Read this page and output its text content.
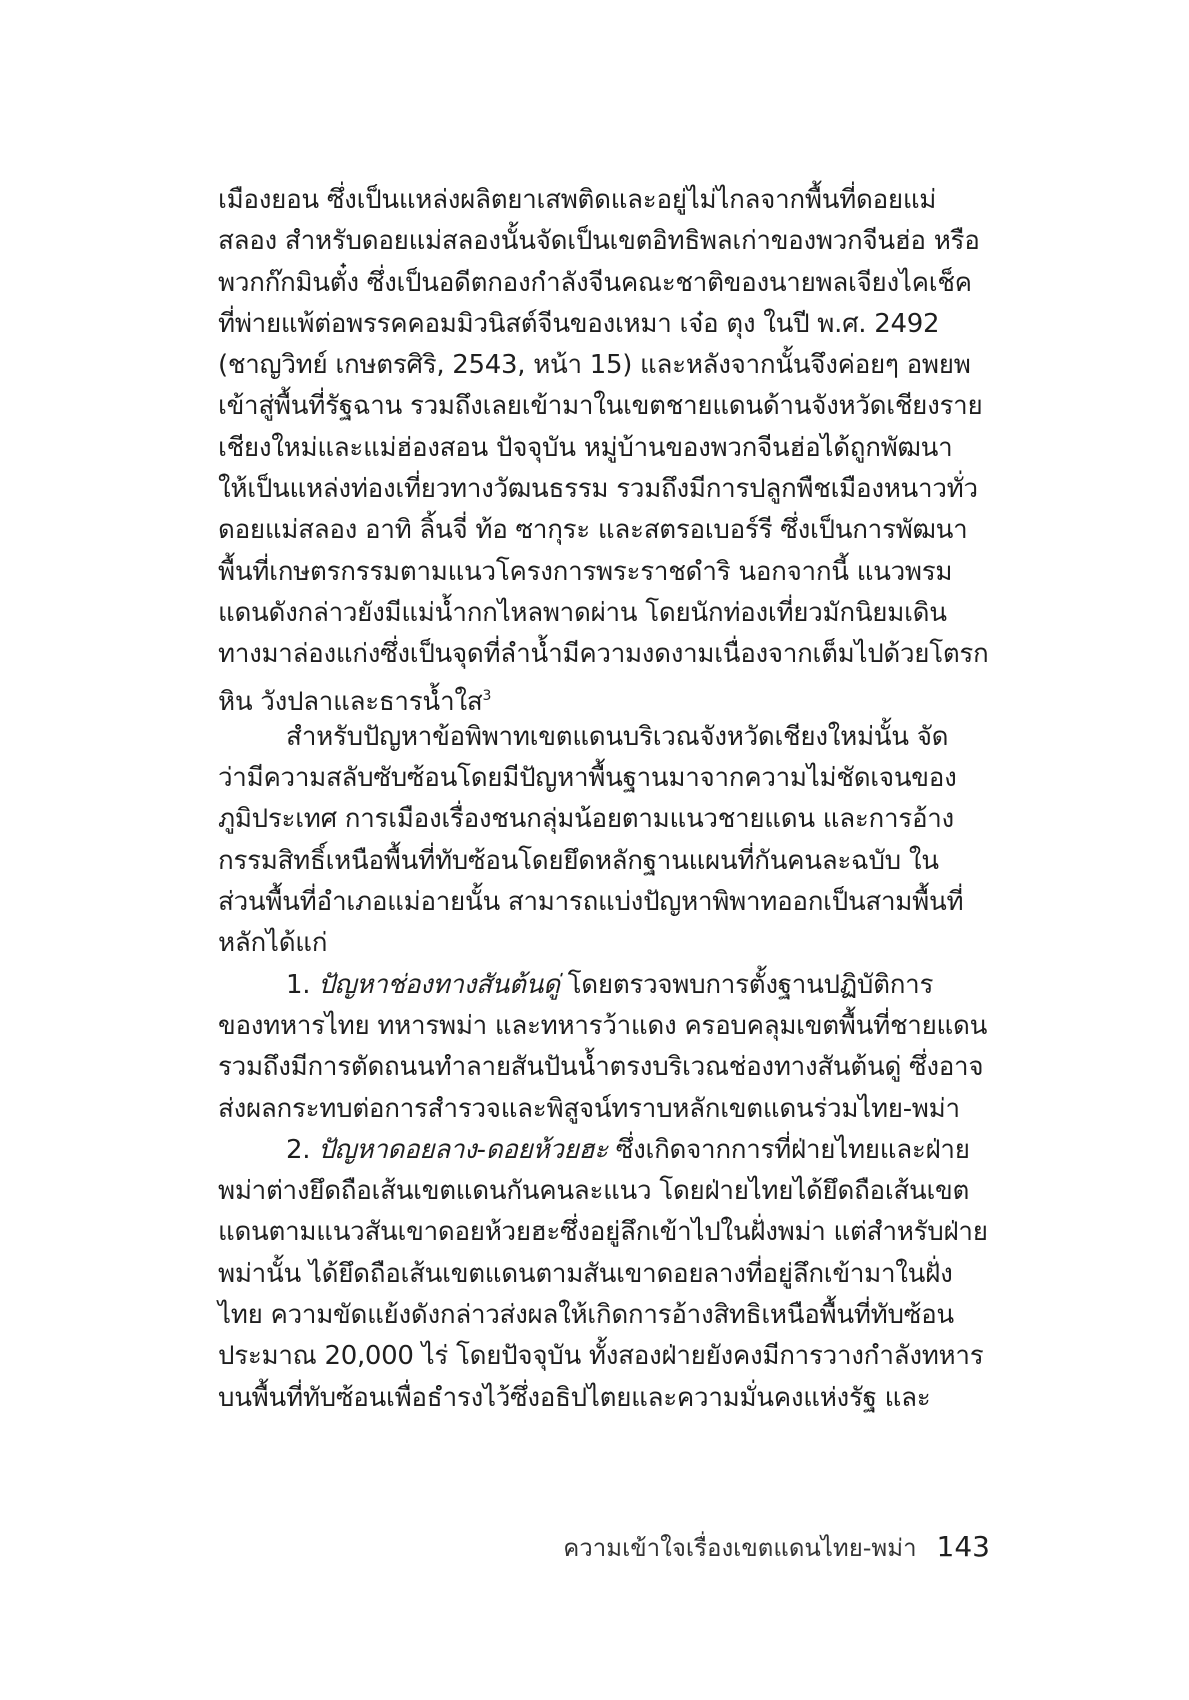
เมืองยอน ซึ่งเป็นแหล่งผลิตยาเสพติดและอยู่ไม่ไกลจากพื้นที่ดอยแม่
สลอง สำหรับดอยแม่สลองนั้นจัดเป็นเขตอิทธิพลเก่าของพวกจีนฮ่อ หรือ
พวกก๊กมินตั๋ง ซึ่งเป็นอดีตกองกำลังจีนคณะชาติของนายพลเจียงไคเช็ค
ที่พ่ายแพ้ต่อพรรคคอมมิวนิสต์จีนของเหมา เจ๋อ ตุง ในปี พ.ศ. 2492
(ชาญวิทย์ เกษตรศิริ, 2543, หน้า 15) และหลังจากนั้นจึงค่อยๆ อพยพ
เข้าสู่พื้นที่รัฐฉาน รวมถึงเลยเข้ามาในเขตชายแดนด้านจังหวัดเชียงราย
เชียงใหม่และแม่ฮ่องสอน ปัจจุบัน หมู่บ้านของพวกจีนฮ่อได้ถูกพัฒนา
ให้เป็นแหล่งท่องเที่ยวทางวัฒนธรรม รวมถึงมีการปลูกพืชเมืองหนาวทั่ว
ดอยแม่สลอง อาทิ ลิ้นจี่ ท้อ ซากุระ และสตรอเบอร์รี ซึ่งเป็นการพัฒนา
พื้นที่เกษตรกรรมตามแนวโครงการพระราชดำริ นอกจากนี้ แนวพรม
แดนดังกล่าวยังมีแม่น้ำกกไหลพาดผ่าน โดยนักท่องเที่ยวมักนิยมเดิน
ทางมาล่องแก่งซึ่งเป็นจุดที่ลำน้ำมีความงดงามเนื่องจากเต็มไปด้วยโตรก
หิน วังปลาและธารน้ำใส$^3$
สำหรับปัญหาข้อพิพาทเขตแดนบริเวณจังหวัดเชียงใหม่นั้น จัด
ว่ามีความสลับซับซ้อนโดยมีปัญหาพื้นฐานมาจากความไม่ชัดเจนของ
ภูมิประเทศ การเมืองเรื่องชนกลุ่มน้อยตามแนวชายแดน และการอ้าง
กรรมสิทธิ์เหนือพื้นที่ทับซ้อนโดยยึดหลักฐานแผนที่กันคนละฉบับ ใน
ส่วนพื้นที่อำเภอแม่อายนั้น สามารถแบ่งปัญหาพิพาทออกเป็นสามพื้นที่
หลักได้แก่
1. ปัญหาช่องทางสันต้นดู่ โดยตรวจพบการตั้งฐานปฏิบัติการ
ของทหารไทย ทหารพม่า และทหารว้าแดง ครอบคลุมเขตพื้นที่ชายแดน
รวมถึงมีการตัดถนนทำลายสันปันน้ำตรงบริเวณช่องทางสันต้นดู่ ซึ่งอาจ
ส่งผลกระทบต่อการสำรวจและพิสูจน์ทราบหลักเขตแดนร่วมไทย-พม่า
2. ปัญหาดอยลาง-ดอยห้วยฮะ ซึ่งเกิดจากการที่ฝ่ายไทยและฝ่าย
พม่าต่างยึดถือเส้นเขตแดนกันคนละแนว โดยฝ่ายไทยได้ยึดถือเส้นเขต
แดนตามแนวสันเขาดอยห้วยฮะซึ่งอยู่ลึกเข้าไปในฝั่งพม่า แต่สำหรับฝ่าย
พม่านั้น ได้ยึดถือเส้นเขตแดนตามสันเขาดอยลางที่อยู่ลึกเข้ามาในฝั่ง
ไทย ความขัดแย้งดังกล่าวส่งผลให้เกิดการอ้างสิทธิเหนือพื้นที่ทับซ้อน
ประมาณ 20,000 ไร่ โดยปัจจุบัน ทั้งสองฝ่ายยังคงมีการวางกำลังทหาร
บนพื้นที่ทับซ้อนเพื่อธำรงไว้ซึ่งอธิปไตยและความมั่นคงแห่งรัฐ และ
ความเข้าใจเรื่องเขตแดนไทย-พม่า 143
